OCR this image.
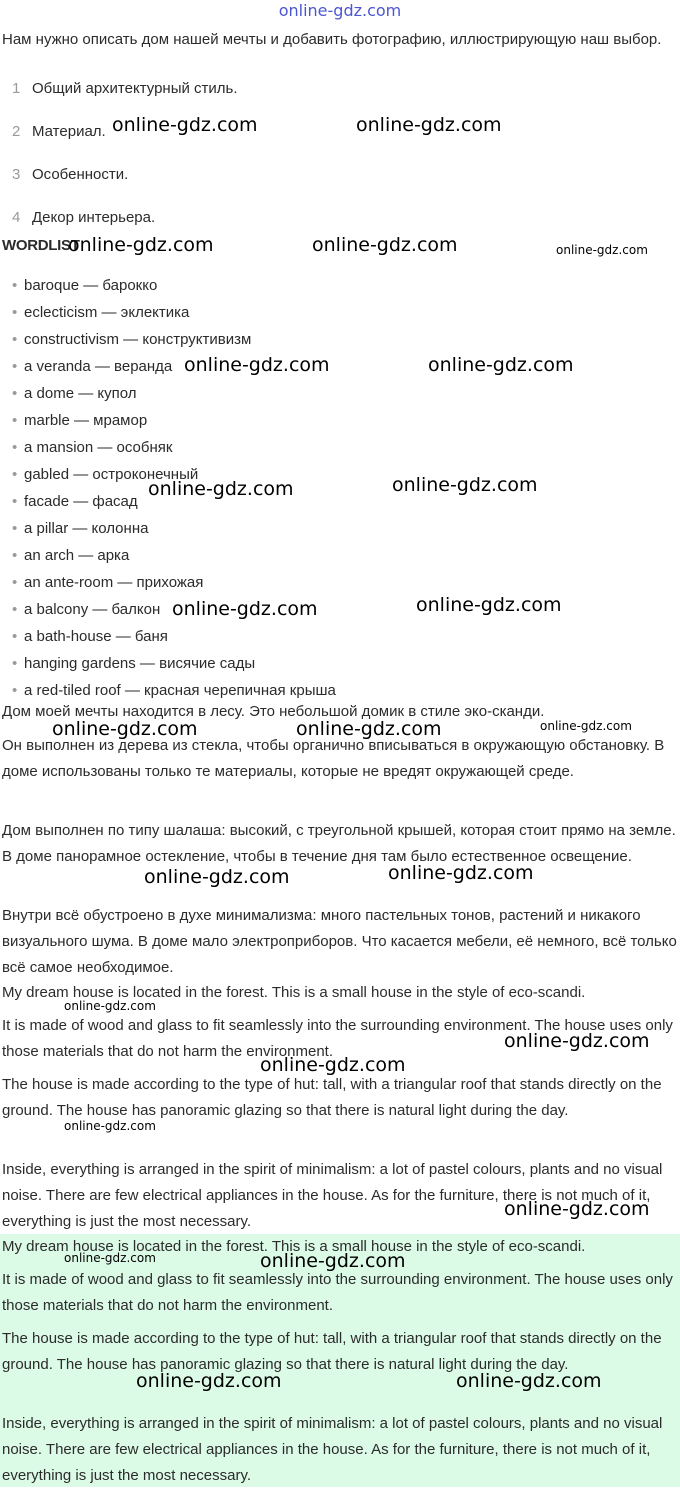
online-gdz.com
Нам нужно описать дом нашей мечты и добавить фотографию, иллюстрирующую наш выбор.
1 Общий архитектурный стиль.
2 Материал.
3 Особенности.
4 Декор интерьера.
WORDLIST
• baroque — барокко
• eclecticism — эклектика
• constructivism — конструктивизм
• a veranda — веранда
• a dome — купол
• marble — мрамор
• a mansion — особняк
• gabled — остроконечный
• facade — фасад
• a pillar — колонна
• an arch — арка
• an ante-room — прихожая
• a balcony — балкон
• a bath-house — баня
• hanging gardens — висячие сады
• a red-tiled roof — красная черепичная крыша
Дом моей мечты находится в лесу. Это небольшой домик в стиле эко-сканди.
Он выполнен из дерева из стекла, чтобы органично вписываться в окружающую обстановку. В доме использованы только те материалы, которые не вредят окружающей среде.
Дом выполнен по типу шалаша: высокий, с треугольной крышей, которая стоит прямо на земле. В доме панорамное остекление, чтобы в течение дня там было естественное освещение.
Внутри всё обустроено в духе минимализма: много пастельных тонов, растений и никакого визуального шума. В доме мало электроприборов. Что касается мебели, её немного, всё только всё самое необходимое.
My dream house is located in the forest. This is a small house in the style of eco-scandi.
It is made of wood and glass to fit seamlessly into the surrounding environment. The house uses only those materials that do not harm the environment.
The house is made according to the type of hut: tall, with a triangular roof that stands directly on the ground. The house has panoramic glazing so that there is natural light during the day.
Inside, everything is arranged in the spirit of minimalism: a lot of pastel colours, plants and no visual noise. There are few electrical appliances in the house. As for the furniture, there is not much of it, everything is just the most necessary.
My dream house is located in the forest. This is a small house in the style of eco-scandi.
It is made of wood and glass to fit seamlessly into the surrounding environment. The house uses only those materials that do not harm the environment.
The house is made according to the type of hut: tall, with a triangular roof that stands directly on the ground. The house has panoramic glazing so that there is natural light during the day.
Inside, everything is arranged in the spirit of minimalism: a lot of pastel colours, plants and no visual noise. There are few electrical appliances in the house. As for the furniture, there is not much of it, everything is just the most necessary.
online-gdz.com	online-gdz.com
online-gdz.com	online-gdz.com	online-gdz.com
online-gdz.com	online-gdz.com
online-gdz.com	online-gdz.com
online-gdz.com	online-gdz.com
online-gdz.com	online-gdz.com	online-gdz.com
online-gdz.com	online-gdz.com
online-gdz.com
online-gdz.com
online-gdz.com
online-gdz.com
online-gdz.com
online-gdz.com	online-gdz.com
online-gdz.com	online-gdz.com
